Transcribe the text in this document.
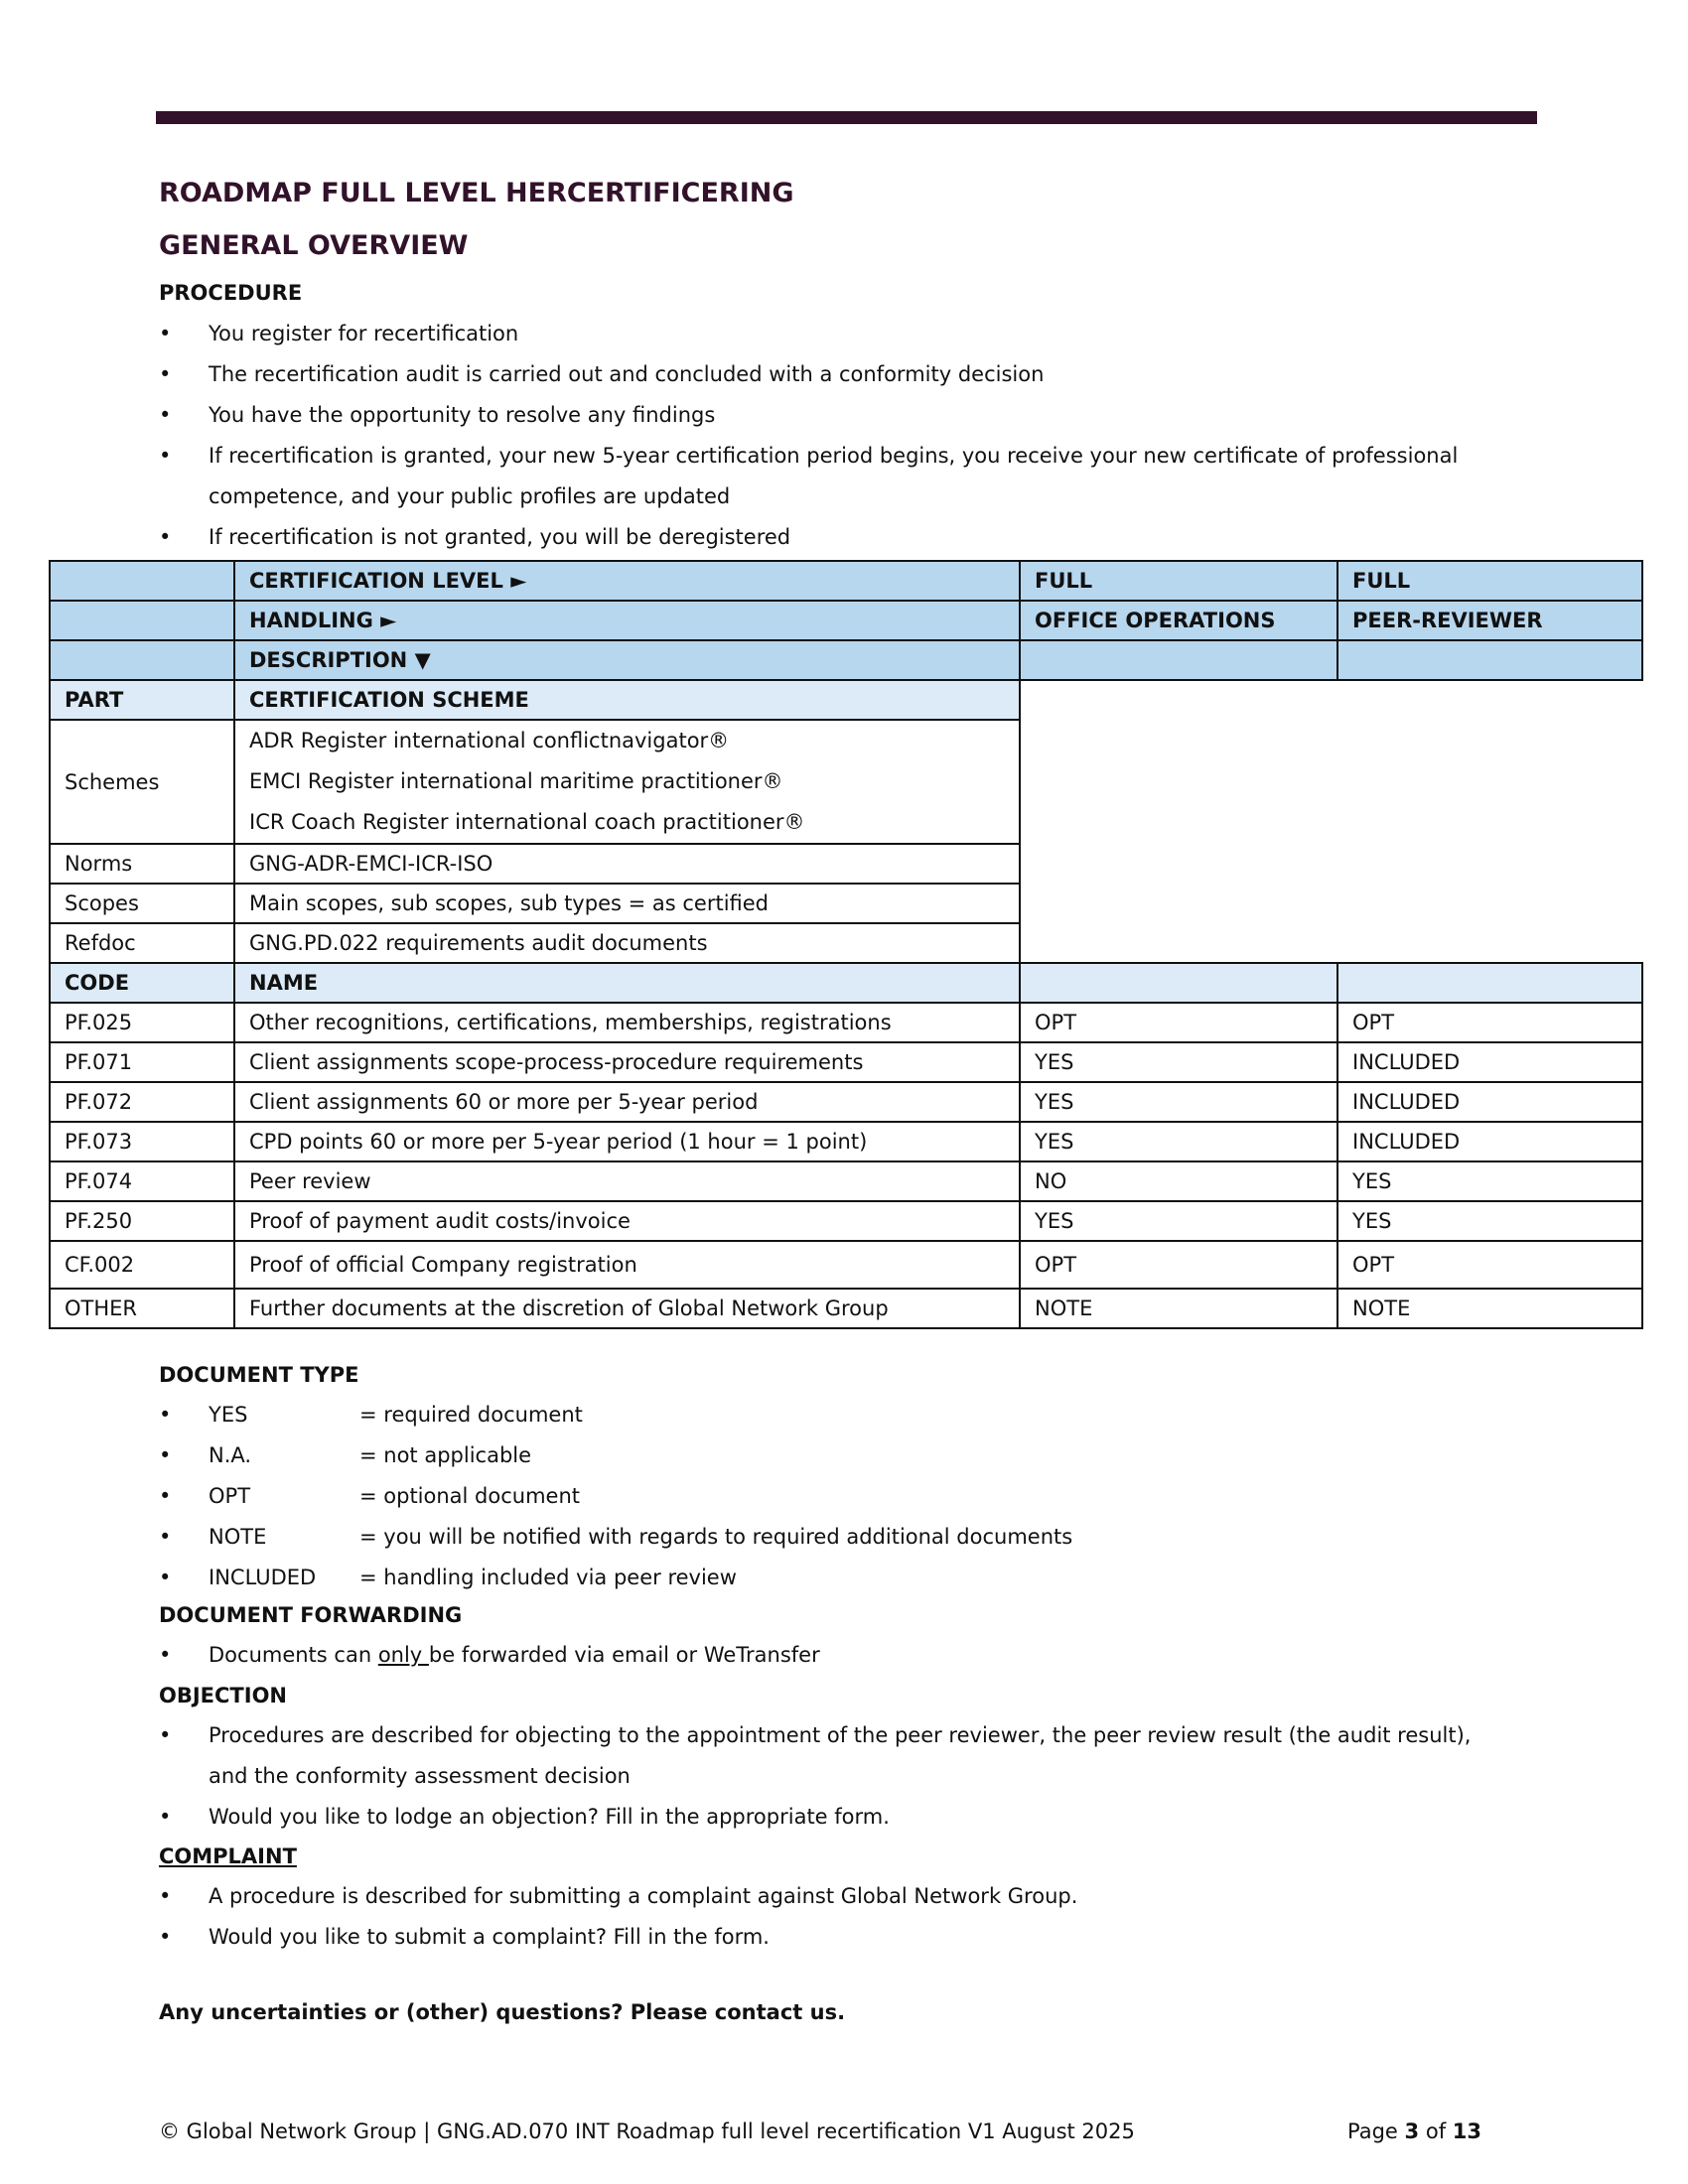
ROADMAP FULL LEVEL HERCERTIFICERING
GENERAL OVERVIEW

PROCEDURE

• You register for recertification
• The recertification audit is carried out and concluded with a conformity decision
• You have the opportunity to resolve any findings
• If recertification is granted, your new 5-year certification period begins, you receive your new certificate of professional competence, and your public profiles are updated
• If recertification is not granted, you will be deregistered
	CERTIFICATION LEVEL ►	FULL	FULL
	HANDLING ►	OFFICE OPERATIONS	PEER-REVIEWER
	DESCRIPTION ▼		
PART	CERTIFICATION SCHEME		
Schemes	ADR Register international conflictnavigator®
EMCI Register international maritime practitioner®
ICR Coach Register international coach practitioner®		

Norms	GNG-ADR-EMCI-ICR-ISO		
Scopes	Main scopes, sub scopes, sub types = as certified		
Refdoc	GNG.PD.022 requirements audit documents		

CODE	NAME		
PF.025	Other recognitions, certifications, memberships, registrations	OPT	OPT
PF.071	Client assignments scope-process-procedure requirements	YES	INCLUDED
PF.072	Client assignments 60 or more per 5-year period	YES	INCLUDED
PF.073	CPD points 60 or more per 5-year period (1 hour = 1 point)	YES	INCLUDED
PF.074	Peer review	NO	YES
PF.250	Proof of payment audit costs/invoice	YES	YES
CF.002	Proof of official Company registration	OPT	OPT
OTHER	Further documents at the discretion of Global Network Group	NOTE	NOTE

DOCUMENT TYPE

• YES	= required document
• N.A.	= not applicable
• OPT	= optional document
• NOTE	= you will be notified with regards to required additional documents
• INCLUDED = handling included via peer review

DOCUMENT FORWARDING

• Documents can only be forwarded via email or WeTransfer

OBJECTION

• Procedures are described for objecting to the appointment of the peer reviewer, the peer review result (the audit result), and the conformity assessment decision
• Would you like to lodge an objection? Fill in the appropriate form.

COMPLAINT

• A procedure is described for submitting a complaint against Global Network Group.
• Would you like to submit a complaint? Fill in the form.

Any uncertainties or (other) questions? Please contact us.

© Global Network Group | GNG.AD.070 INT Roadmap full level recertification V1 August 2025	Page 3 of 13
